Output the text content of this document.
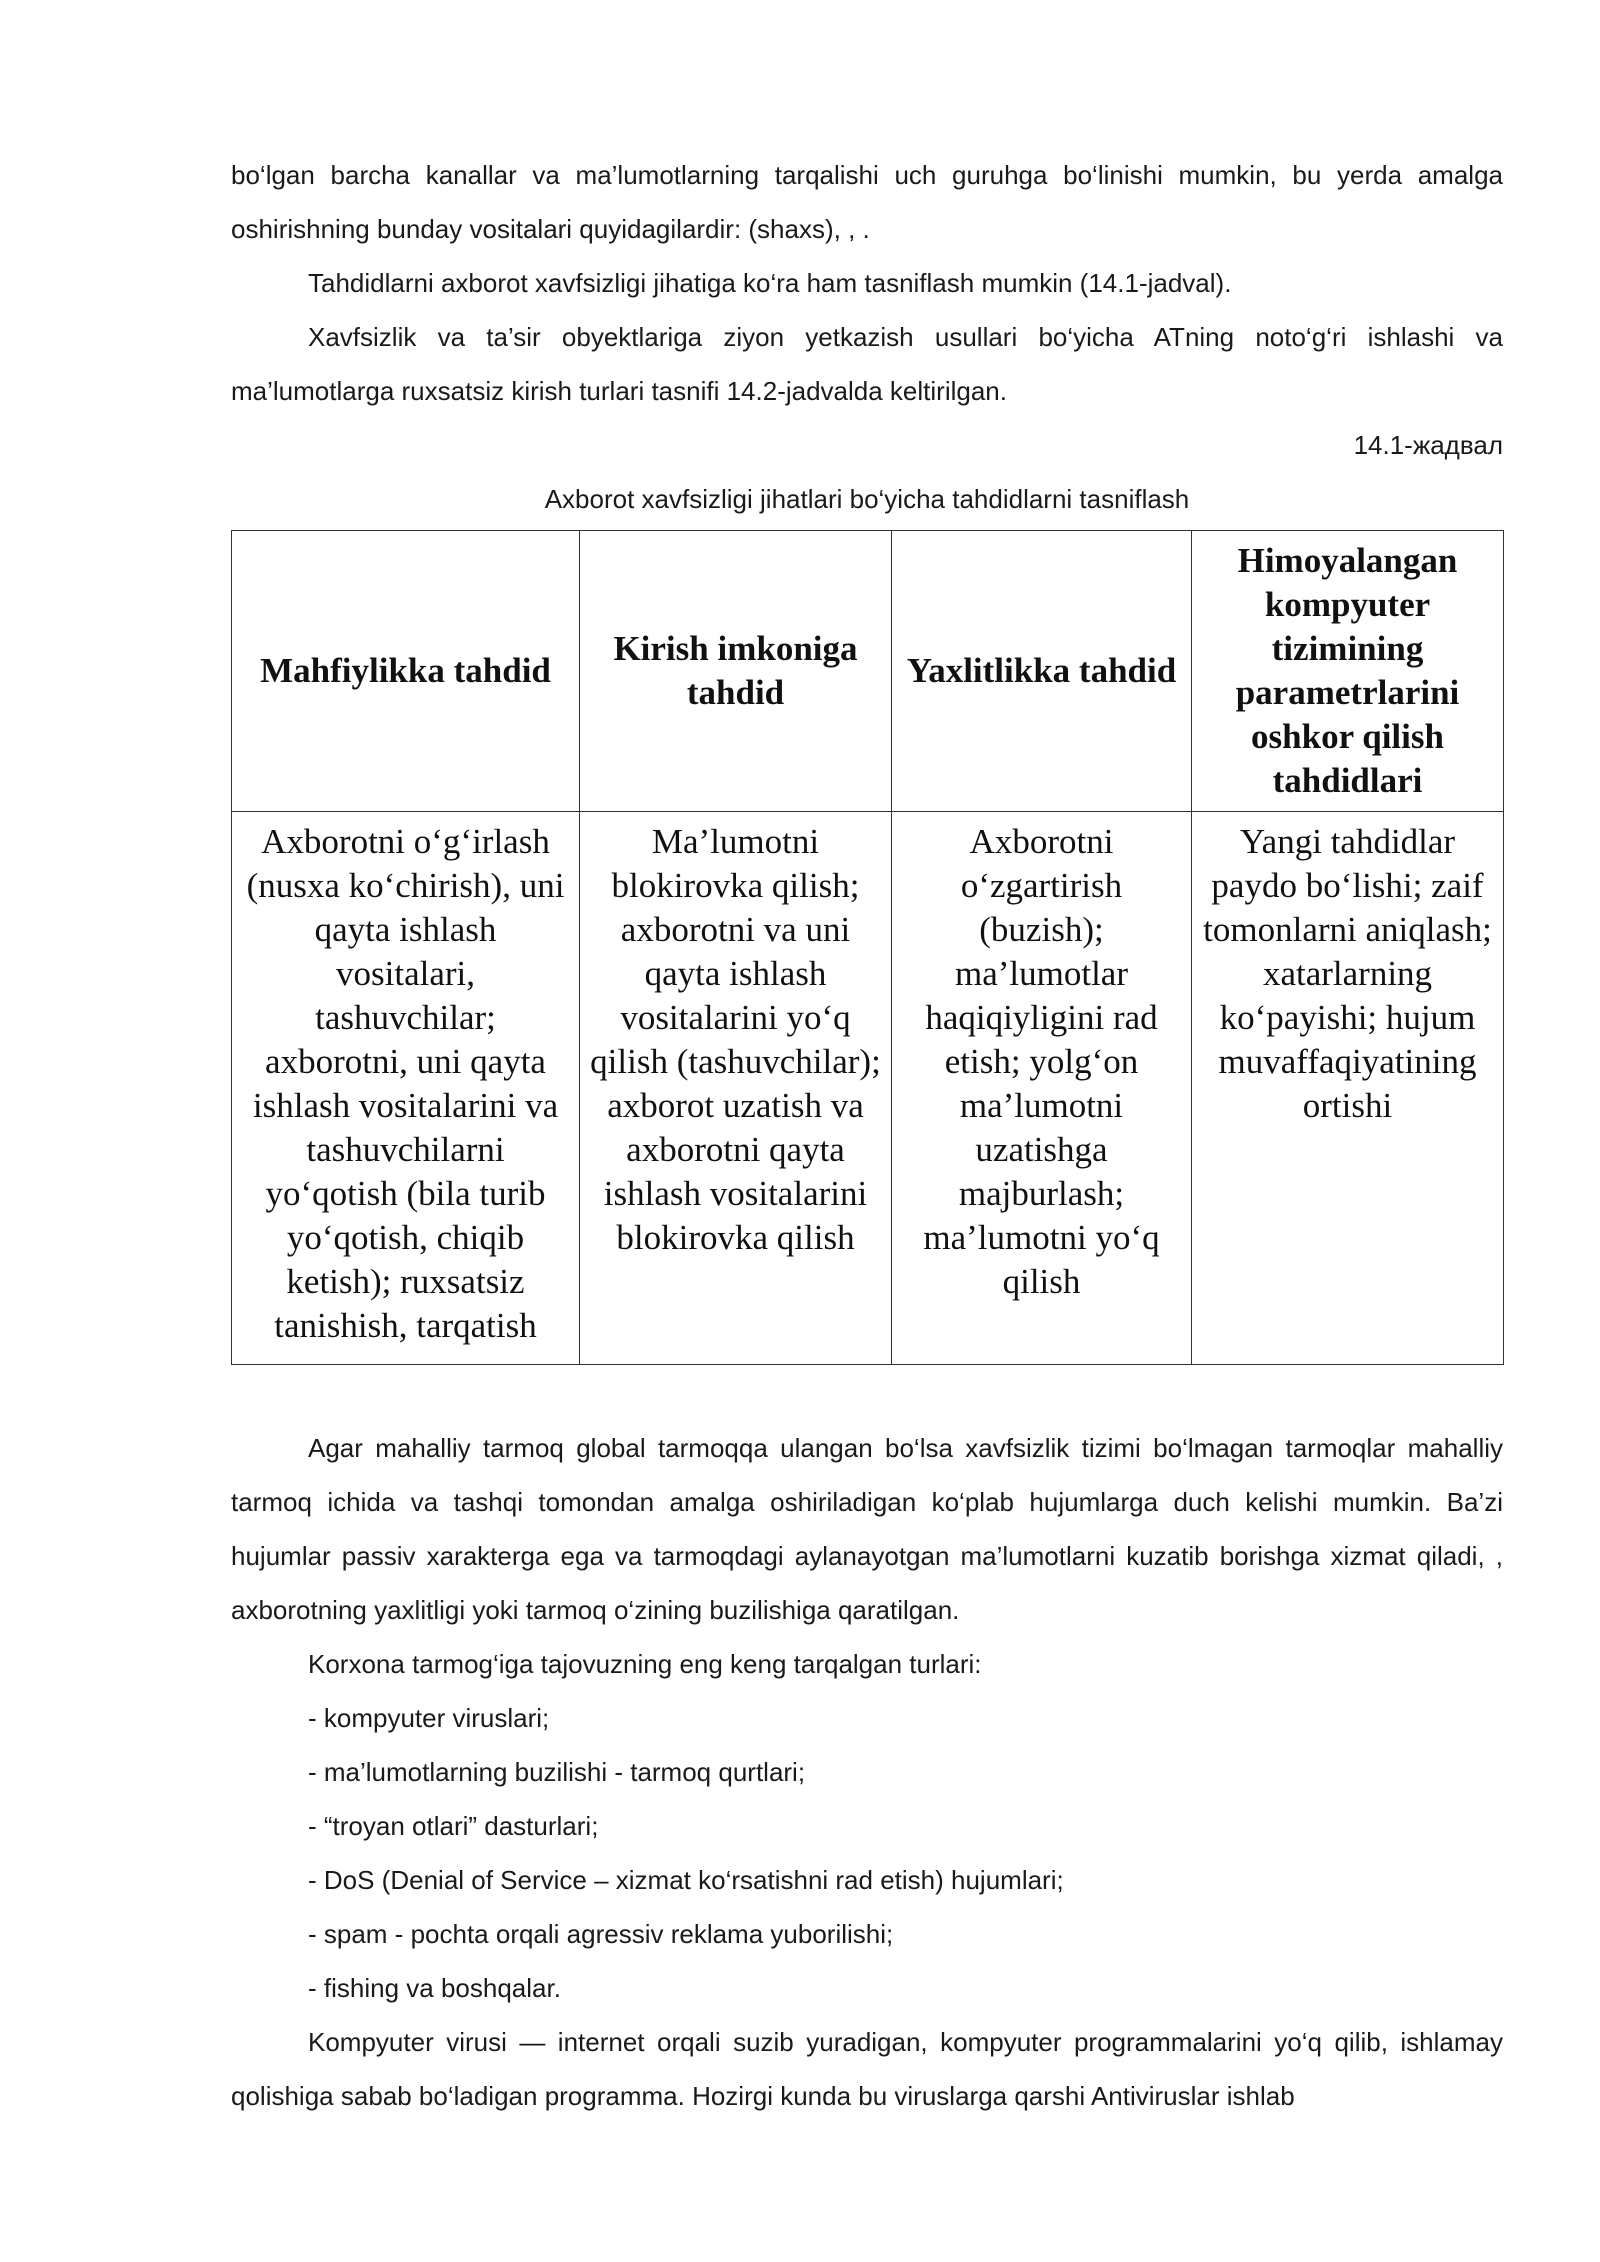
bo‘lgan barcha kanallar va ma’lumotlarning tarqalishi uch guruhga bo‘linishi mumkin, bu yerda amalga oshirishning bunday vositalari quyidagilardir: (shaxs), , .

Tahdidlarni axborot xavfsizligi jihatiga ko‘ra ham tasniflash mumkin (14.1-jadval).

Xavfsizlik va ta’sir obyektlariga ziyon yetkazish usullari bo‘yicha ATning noto‘g‘ri ishlashi va ma’lumotlarga ruxsatsiz kirish turlari tasnifi 14.2-jadvalda keltirilgan.

14.1-жадвал

Axborot xavfsizligi jihatlari bo‘yicha tahdidlarni tasniflash

Mahfiylikka tahdid	Kirish imkoniga tahdid	Yaxlitlikka tahdid	Himoyalangan kompyuter tizimining parametrlarini oshkor qilish tahdidlari
Axborotni o‘g‘irlash (nusxa ko‘chirish), uni qayta ishlash vositalari, tashuvchilar; axborotni, uni qayta ishlash vositalarini va tashuvchilarni yo‘qotish (bila turib yo‘qotish, chiqib ketish); ruxsatsiz tanishish, tarqatish	Ma’lumotni blokirovka qilish; axborotni va uni qayta ishlash vositalarini yo‘q qilish (tashuvchilar); axborot uzatish va axborotni qayta ishlash vositalarini blokirovka qilish	Axborotni o‘zgartirish (buzish); ma’lumotlar haqiqiyligini rad etish; yolg‘on ma’lumotni uzatishga majburlash; ma’lumotni yo‘q qilish	Yangi tahdidlar paydo bo‘lishi; zaif tomonlarni aniqlash; xatarlarning ko‘payishi; hujum muvaffaqiyatining ortishi

Agar mahalliy tarmoq global tarmoqqa ulangan bo‘lsa xavfsizlik tizimi bo‘lmagan tarmoqlar mahalliy tarmoq ichida va tashqi tomondan amalga oshiriladigan ko‘plab hujumlarga duch kelishi mumkin. Ba’zi hujumlar passiv xarakterga ega va tarmoqdagi aylanayotgan ma’lumotlarni kuzatib borishga xizmat qiladi, , axborotning yaxlitligi yoki tarmoq o‘zining buzilishiga qaratilgan.

Korxona tarmog‘iga tajovuzning eng keng tarqalgan turlari:

- kompyuter viruslari;

- ma’lumotlarning buzilishi - tarmoq qurtlari;

- “troyan otlari” dasturlari;

- DoS (Denial of Service – xizmat ko‘rsatishni rad etish) hujumlari;

- spam - pochta orqali agressiv reklama yuborilishi;

- fishing va boshqalar.

Kompyuter virusi — internet orqali suzib yuradigan, kompyuter programmalarini yo‘q qilib, ishlamay qolishiga sabab bo‘ladigan programma. Hozirgi kunda bu viruslarga qarshi Antiviruslar ishlab
